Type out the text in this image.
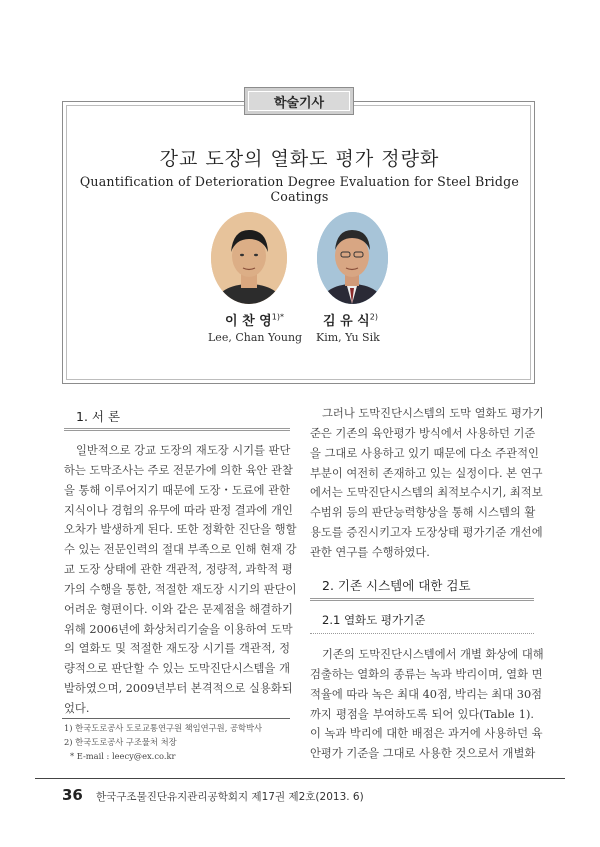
학술기사
강교 도장의 열화도 평가 정량화
Quantification of Deterioration Degree Evaluation for Steel Bridge Coatings
이 찬 영$^{1)*}$
Lee, Chan Young
김 유 식$^{2)}$
Kim, Yu Sik
1. 서 론
일반적으로 강교 도장의 재도장 시기를 판단
하는 도막조사는 주로 전문가에 의한 육안 관찰
을 통해 이루어지기 때문에 도장・도료에 관한
지식이나 경험의 유무에 따라 판정 결과에 개인
오차가 발생하게 된다. 또한 정확한 진단을 행할
수 있는 전문인력의 절대 부족으로 인해 현재 강
교 도장 상태에 관한 객관적, 정량적, 과학적 평
가의 수행을 통한, 적절한 재도장 시기의 판단이
어려운 형편이다. 이와 같은 문제점을 해결하기
위해 2006년에 화상처리기술을 이용하여 도막
의 열화도 및 적절한 재도장 시기를 객관적, 정
량적으로 판단할 수 있는 도막진단시스템을 개
발하였으며, 2009년부터 본격적으로 실용화되
었다.
1) 한국도로공사 도로교통연구원 책임연구원, 공학박사
2) 한국도로공사 구조물처 처장
* E-mail : leecy@ex.co.kr
그러나 도막진단시스템의 도막 열화도 평가기
준은 기존의 육안평가 방식에서 사용하던 기준
을 그대로 사용하고 있기 때문에 다소 주관적인
부분이 여전히 존재하고 있는 실정이다. 본 연구
에서는 도막진단시스템의 최적보수시기, 최적보
수범위 등의 판단능력향상을 통해 시스템의 활
용도를 증진시키고자 도장상태 평가기준 개선에
관한 연구를 수행하였다.
2. 기존 시스템에 대한 검토
2.1 열화도 평가기준
기존의 도막진단시스템에서 개별 화상에 대해
검출하는 열화의 종류는 녹과 박리이며, 열화 면
적율에 따라 녹은 최대 40점, 박리는 최대 30점
까지 평점을 부여하도록 되어 있다(Table 1).
이 녹과 박리에 대한 배점은 과거에 사용하던 육
안평가 기준을 그대로 사용한 것으로서 개별화
36 한국구조물진단유지관리공학회지 제17권 제2호(2013. 6)
